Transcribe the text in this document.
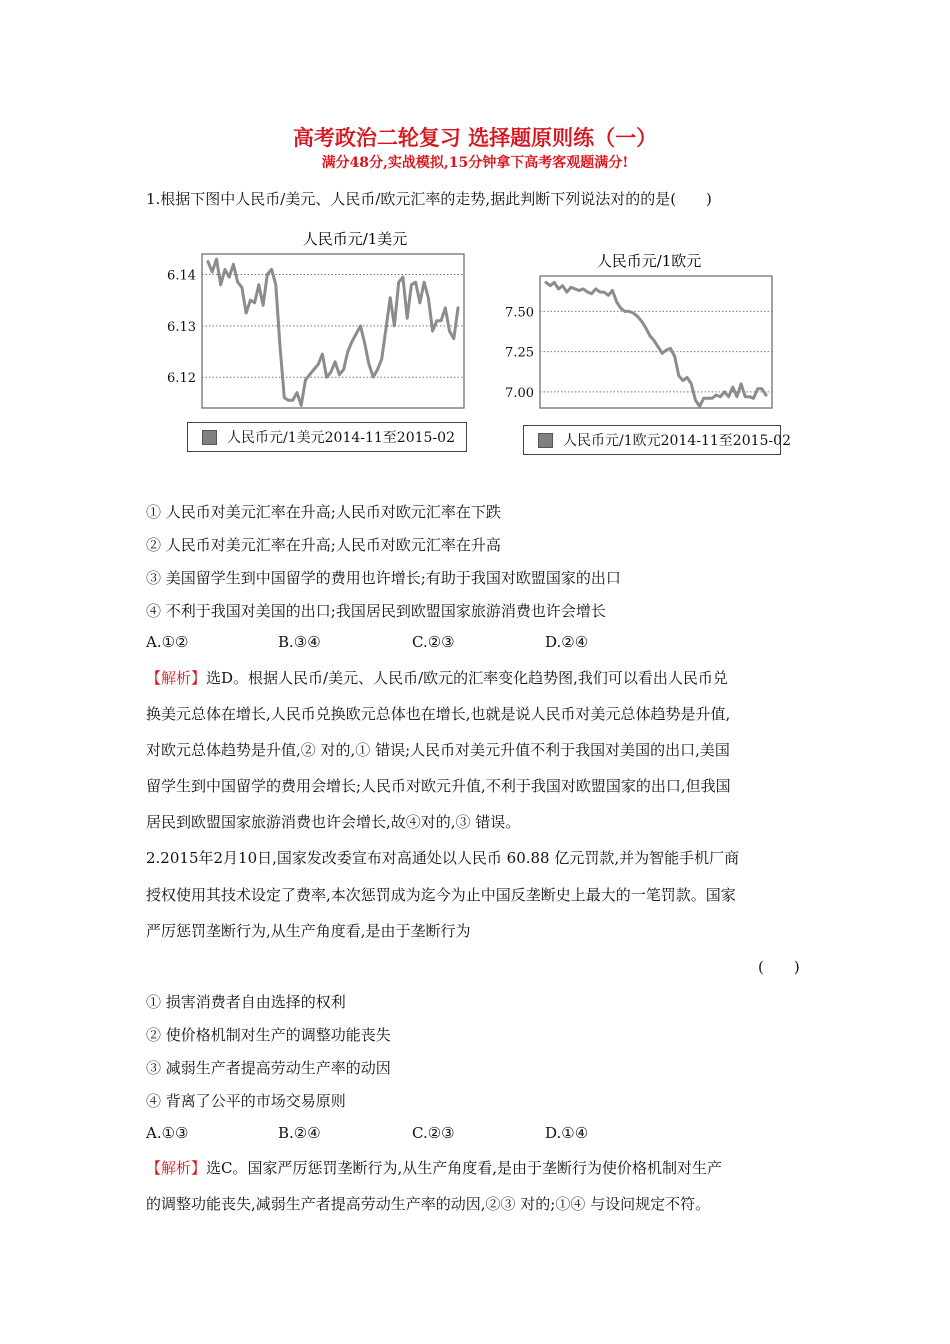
高考政治二轮复习 选择题原则练（一）

满分48分,实战模拟,15分钟拿下高考客观题满分!

1.根据下图中人民币/美元、人民币/欧元汇率的走势,据此判断下列说法对的的是(　　)

人民币元/1美元
6.12
6.13
6.14
人民币元/1美元2014-11至2015-02
人民币元/1欧元
7.00
7.25
7.50
人民币元/1欧元2014-11至2015-02

① 人民币对美元汇率在升高;人民币对欧元汇率在下跌

② 人民币对美元汇率在升高;人民币对欧元汇率在升高

③ 美国留学生到中国留学的费用也许增长;有助于我国对欧盟国家的出口

④ 不利于我国对美国的出口;我国居民到欧盟国家旅游消费也许会增长

A.①②	B.③④	C.②③	D.②④

【解析】选D。根据人民币/美元、人民币/欧元的汇率变化趋势图,我们可以看出人民币兑

换美元总体在增长,人民币兑换欧元总体也在增长,也就是说人民币对美元总体趋势是升值,

对欧元总体趋势是升值,② 对的,① 错误;人民币对美元升值不利于我国对美国的出口,美国

留学生到中国留学的费用会增长;人民币对欧元升值,不利于我国对欧盟国家的出口,但我国

居民到欧盟国家旅游消费也许会增长,故④对的,③ 错误。

2.2015年2月10日,国家发改委宣布对高通处以人民币 60.88 亿元罚款,并为智能手机厂商

授权使用其技术设定了费率,本次惩罚成为迄今为止中国反垄断史上最大的一笔罚款。国家

严厉惩罚垄断行为,从生产角度看,是由于垄断行为

(　　)

① 损害消费者自由选择的权利

② 使价格机制对生产的调整功能丧失

③ 减弱生产者提高劳动生产率的动因

④ 背离了公平的市场交易原则

A.①③	B.②④	C.②③	D.①④

【解析】选C。国家严厉惩罚垄断行为,从生产角度看,是由于垄断行为使价格机制对生产

的调整功能丧失,减弱生产者提高劳动生产率的动因,②③ 对的;①④ 与设问规定不符。
